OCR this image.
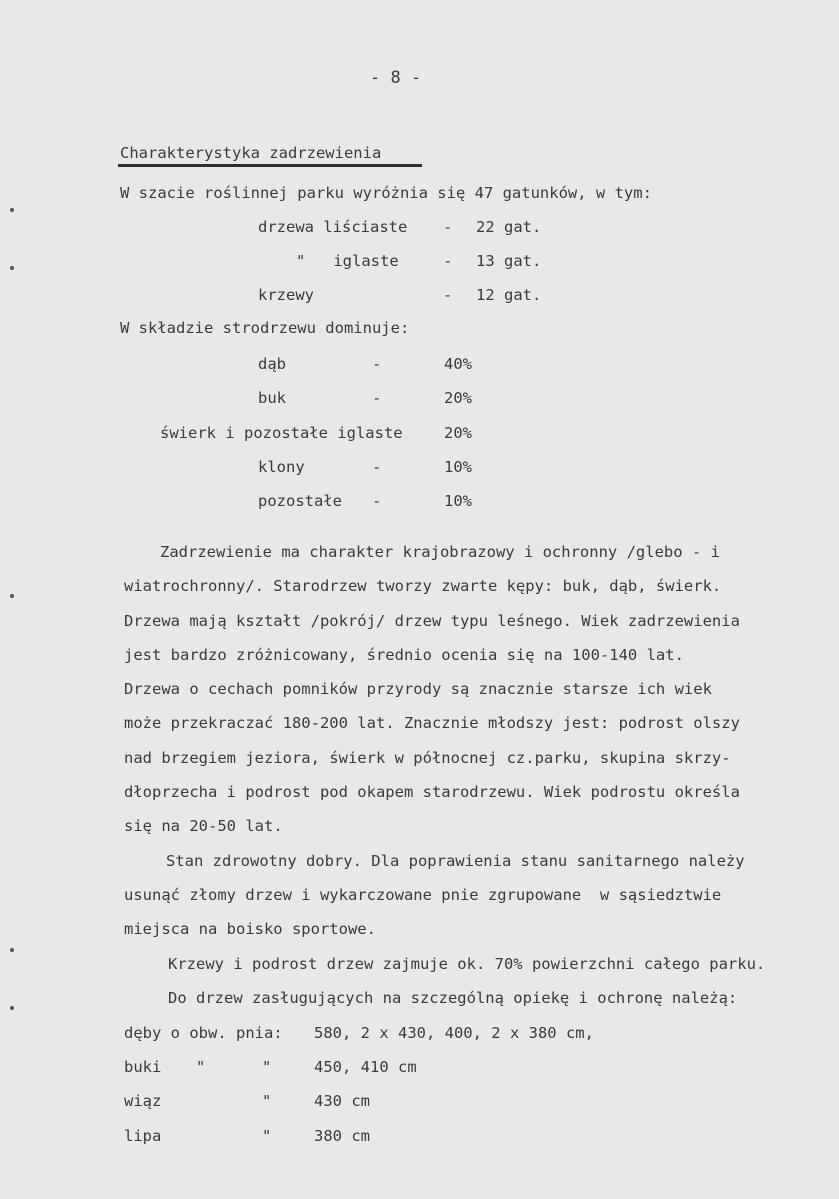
- 8 -
Charakterystyka zadrzewienia
W szacie roślinnej parku wyróżnia się 47 gatunków, w tym:
drzewa liściaste - 22 gat.
"   iglaste	- 13 gat.
krzewy	- 12 gat.
W składzie strodrzewu dominuje:
dąb	-	40%
buk	-	20%
świerk i pozostałe iglaste	20%
klony	-	10%
pozostałe -	10%
Zadrzewienie ma charakter krajobrazowy i ochronny /glebo - i
wiatrochronny/. Starodrzew tworzy zwarte kępy: buk, dąb, świerk.
Drzewa mają kształt /pokrój/ drzew typu leśnego. Wiek zadrzewienia
jest bardzo zróżnicowany, średnio ocenia się na 100-140 lat.
Drzewa o cechach pomników przyrody są znacznie starsze ich wiek
może przekraczać 180-200 lat. Znacznie młodszy jest: podrost olszy
nad brzegiem jeziora, świerk w północnej cz.parku, skupina skrzy-
dłoprzecha i podrost pod okapem starodrzewu. Wiek podrostu określa
się na 20-50 lat.
Stan zdrowotny dobry. Dla poprawienia stanu sanitarnego należy
usunąć złomy drzew i wykarczowane pnie zgrupowane  w sąsiedztwie
miejsca na boisko sportowe.
Krzewy i podrost drzew zajmuje ok. 70% powierzchni całego parku.
Do drzew zasługujących na szczególną opiekę i ochronę należą:
dęby o obw. pnia: 580, 2 x 430, 400, 2 x 380 cm,
buki "	"	450, 410 cm
wiąz	"	430 cm
lipa	"	380 cm
